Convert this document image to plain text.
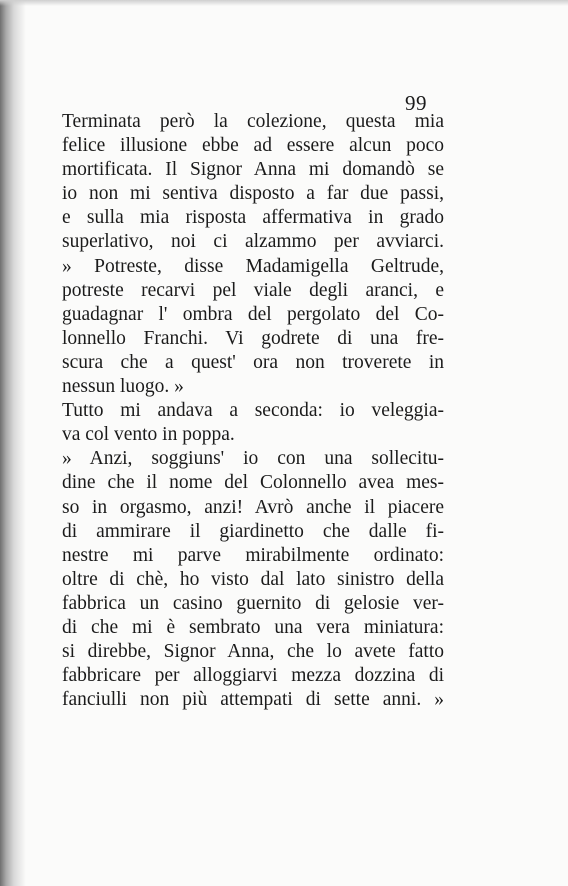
99
Terminata però la colezione, questa mia
felice illusione ebbe ad essere alcun poco
mortificata. Il Signor Anna mi domandò se
io non mi sentiva disposto a far due passi,
e sulla mia risposta affermativa in grado
superlativo, noi ci alzammo per avviarci.
» Potreste, disse Madamigella Geltrude,
potreste recarvi pel viale degli aranci, e
guadagnar l' ombra del pergolato del Co-
lonnello Franchi. Vi godrete di una fre-
scura che a quest' ora non troverete in
nessun luogo. »
Tutto mi andava a seconda: io veleggia-
va col vento in poppa.
» Anzi, soggiuns' io con una sollecitu-
dine che il nome del Colonnello avea mes-
so in orgasmo, anzi! Avrò anche il piacere
di ammirare il giardinetto che dalle fi-
nestre mi parve mirabilmente ordinato:
oltre di chè, ho visto dal lato sinistro della
fabbrica un casino guernito di gelosie ver-
di che mi è sembrato una vera miniatura:
si direbbe, Signor Anna, che lo avete fatto
fabbricare per alloggiarvi mezza dozzina di
fanciulli non più attempati di sette anni. »
